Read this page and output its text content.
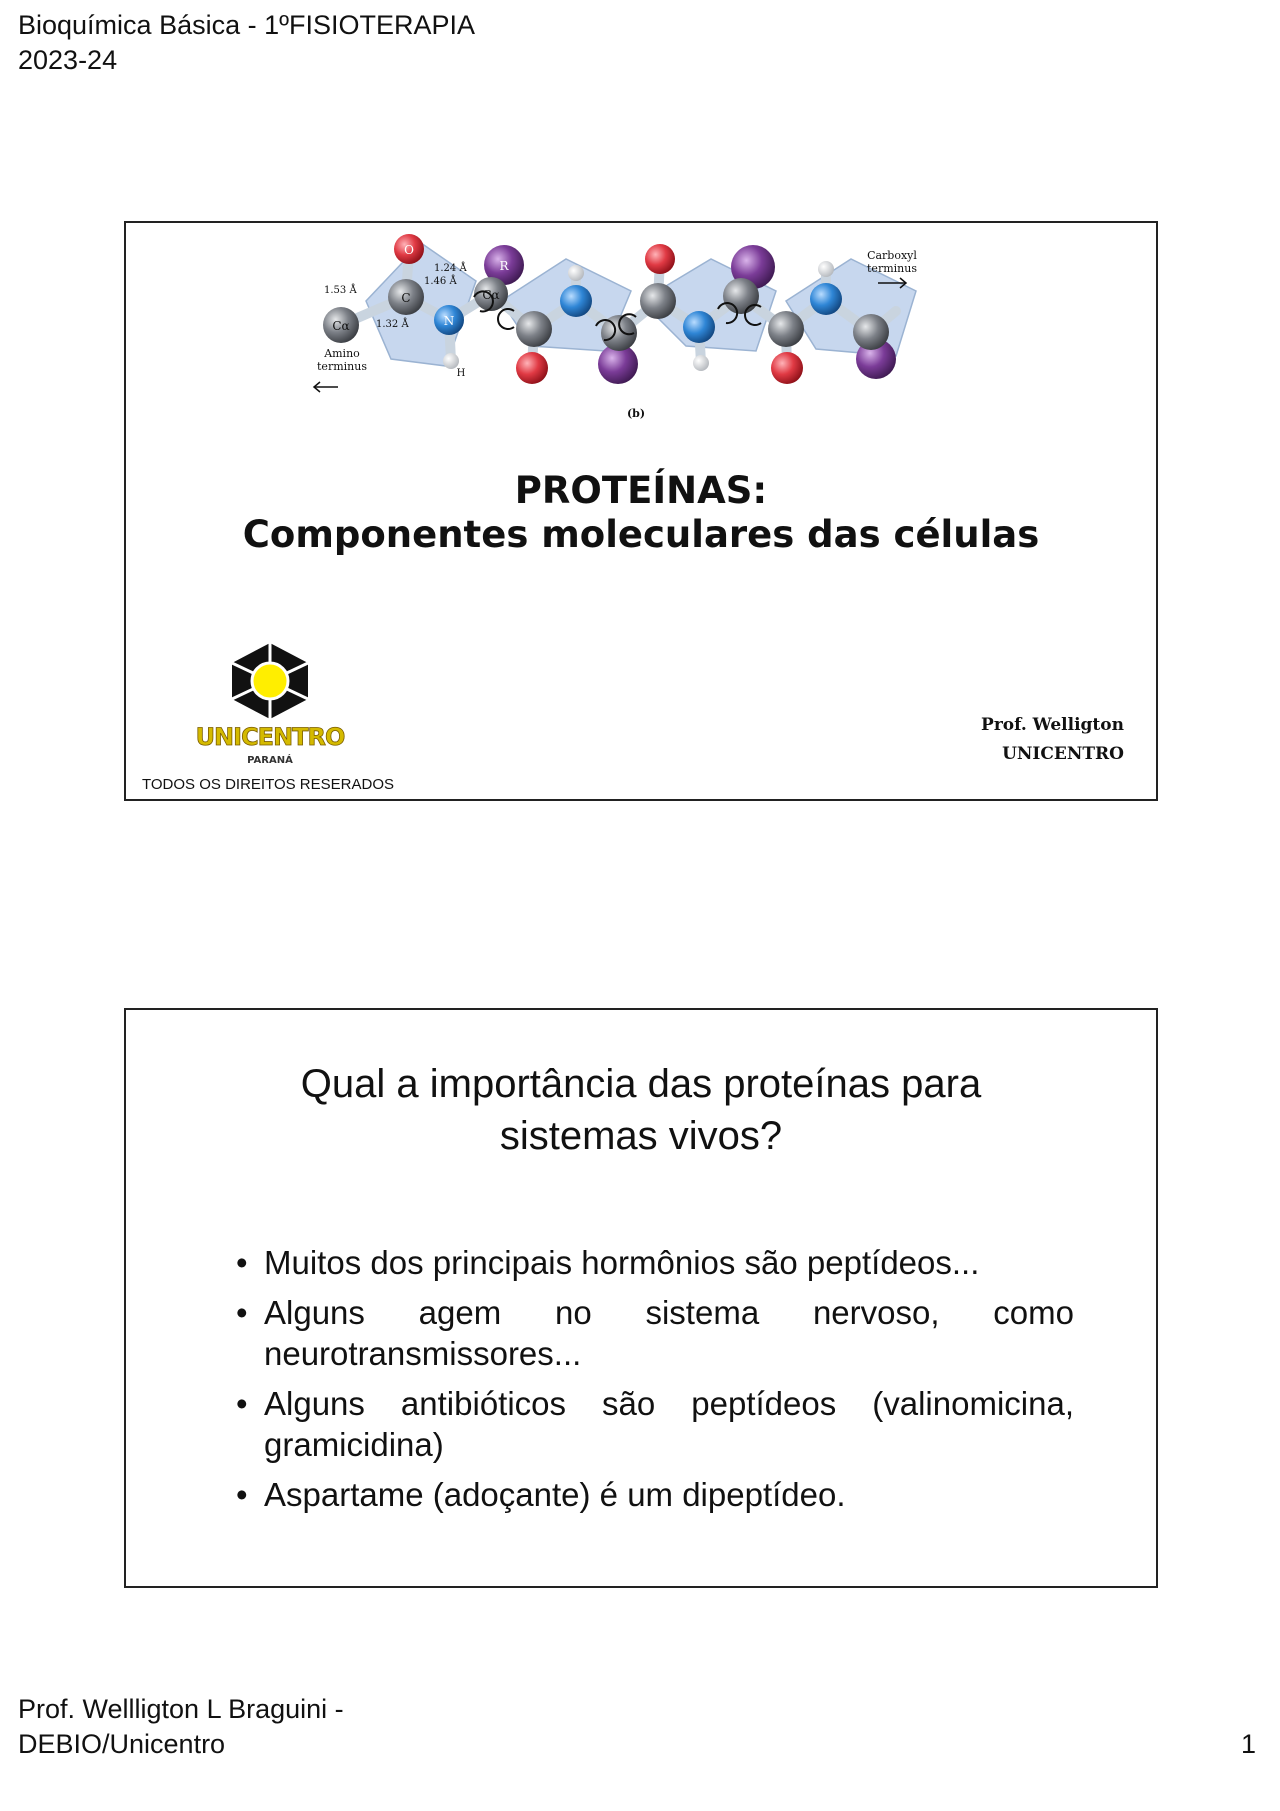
Bioquímica Básica - 1ºFISIOTERAPIA
2023-24
O
C
Cα
Cα
N
R
H
1.24 Å
1.46 Å
1.53 Å
1.32 Å
Amino
terminus
Carboxyl
terminus
(b)
PROTEÍNAS:
Componentes moleculares das células
UNICENTRO
PARANÁ
Prof. Welligton
UNICENTRO
TODOS OS DIREITOS RESERADOS
Qual a importância das proteínas para
sistemas vivos?
• Muitos dos principais hormônios são peptídeos...
• Alguns agem no sistema nervoso, como neurotransmissores...
• Alguns antibióticos são peptídeos (valinomicina, gramicidina)
• Aspartame (adoçante) é um dipeptídeo.
Prof. Wellligton L Braguini -
DEBIO/Unicentro	1
